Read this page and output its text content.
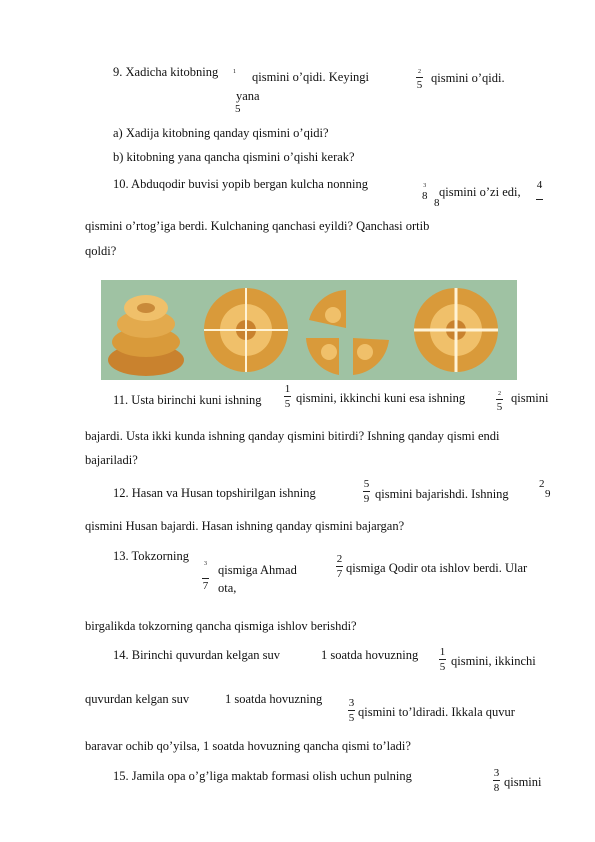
9. Xadicha kitobning 1 qismini o’qidi. Keyingi
yana
5
2
5 qismini o’qidi.
a) Xadija kitobning qanday qismini o’qidi?
b) kitobning yana qancha qismini o’qishi kerak?
10. Abduqodir buvisi yopib bergan kulcha nonning	3
8
8
qismini o’zi edi, 4
qismini o’rtog’iga berdi. Kulchaning qanchasi eyildi? Qanchasi ortib
qoldi?
11. Usta birinchi kuni ishning
1
5 qismini, ikkinchi kuni esa ishning	2
5
qismini
bajardi. Usta ikki kunda ishning qanday qismini bitirdi? Ishning qanday qismi endi
bajariladi?
12. Hasan va Husan topshirilgan ishning
5
9 qismini bajarishdi. Ishning
2
9
qismini Husan bajardi. Hasan ishning qanday qismini bajargan?
13. Tokzorning
3
7
qismiga Ahmad
ota,
2
7 qismiga Qodir ota ishlov berdi. Ular
birgalikda tokzorning qancha qismiga ishlov berishdi?
14. Birinchi quvurdan kelgan suv	1 soatda hovuzning 1
5 qismini, ikkinchi
quvurdan kelgan suv	1 soatda hovuzning 3
5 qismini to’ldiradi. Ikkala quvur
baravar ochib qo’yilsa, 1 soatda hovuzning qancha qismi to’ladi?
15. Jamila opa o’g’liga maktab formasi olish uchun pulning	3
8 qismini
